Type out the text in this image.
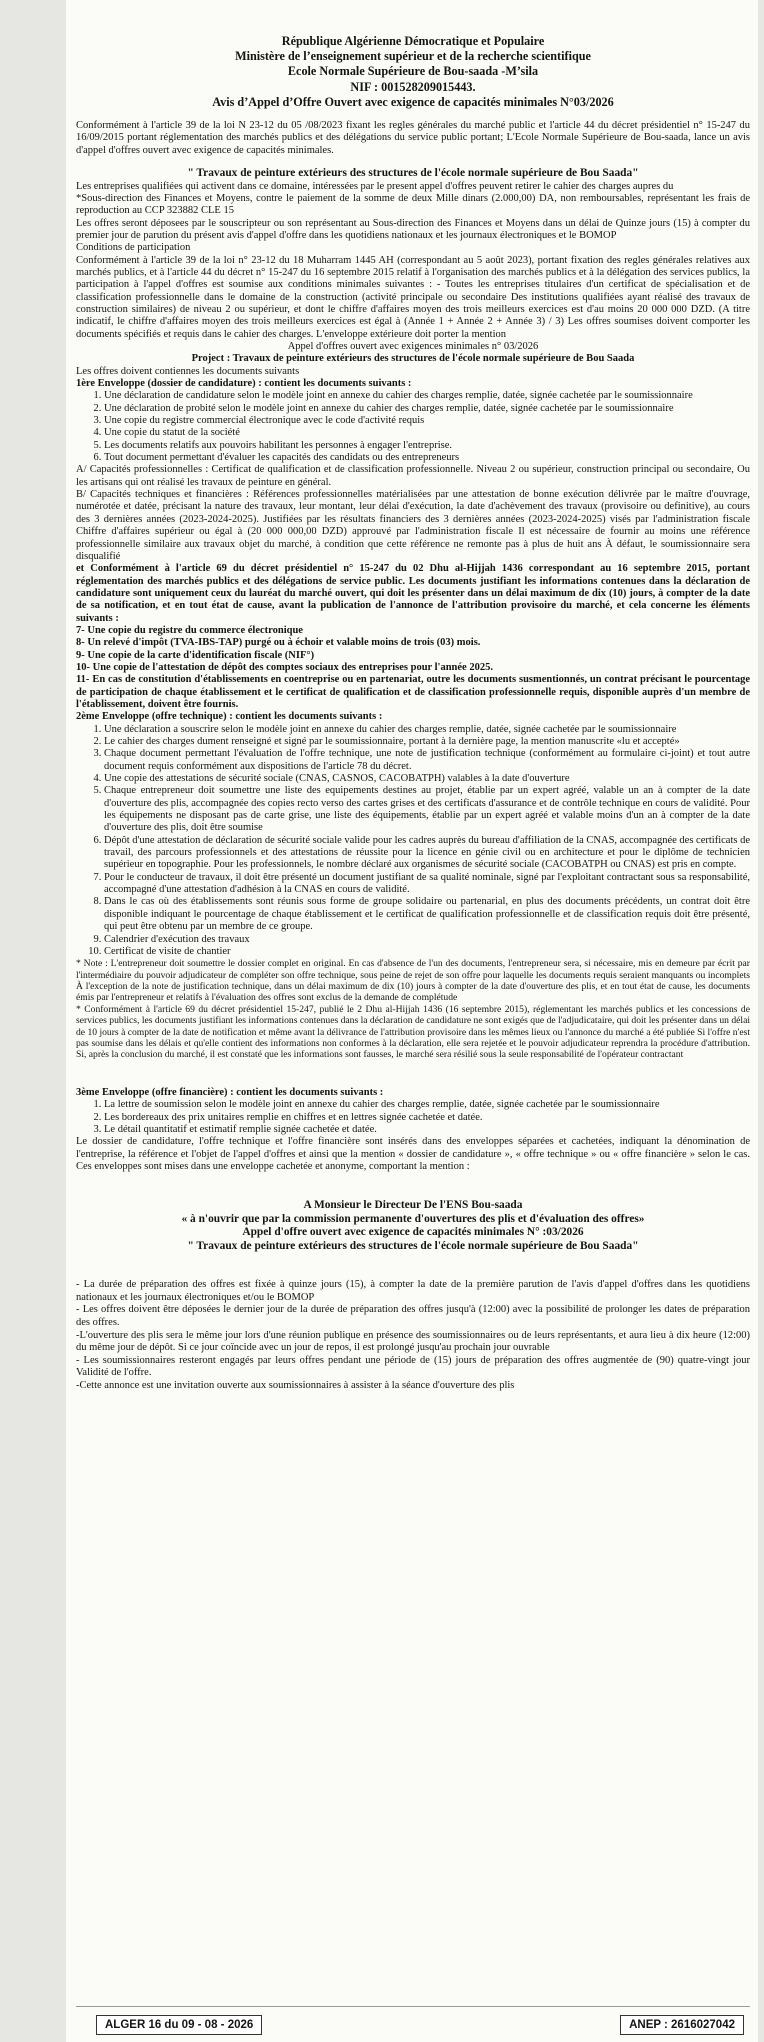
République Algérienne Démocratique et Populaire
Ministère de l’enseignement supérieur et de la recherche scientifique
Ecole Normale Supérieure de Bou-saada -M’sila
NIF : 001528209015443.
Avis d’Appel d’Offre Ouvert avec exigence de capacités minimales N°03/2026

Conformément à l'article 39 de la loi N 23-12 du 05 /08/2023 fixant les regles générales du marché public et l'article 44 du décret présidentiel n° 15-247 du 16/09/2015 portant réglementation des marchés publics et des délégations du service public portant; L'Ecole Normale Supérieure de Bou-saada, lance un avis d'appel d'offres ouvert avec exigence de capacités minimales.

" Travaux de peinture extérieurs des structures de l'école normale supérieure de Bou Saada"

Les entreprises qualifiées qui activent dans ce domaine, intéressées par le present appel d'offres peuvent retirer le cahier des charges aupres du

*Sous-direction des Finances et Moyens, contre le paiement de la somme de deux Mille dinars (2.000,00) DA, non remboursables, représentant les frais de reproduction au CCP 323882 CLE 15

Les offres seront déposees par le souscripteur ou son représentant au Sous-direction des Finances et Moyens dans un délai de Quinze jours (15) à compter du premier jour de parution du présent avis d'appel d'offre dans les quotidiens nationaux et les journaux électroniques et le BOMOP

Conditions de participation

Conformément à l'article 39 de la loi n° 23-12 du 18 Muharram 1445 AH (correspondant au 5 août 2023), portant fixation des regles générales relatives aux marchés publics, et à l'article 44 du décret n° 15-247 du 16 septembre 2015 relatif à l'organisation des marchés publics et à la délégation des services publics, la participation à l'appel d'offres est soumise aux conditions minimales suivantes : - Toutes les entreprises titulaires d'un certificat de spécialisation et de classification professionnelle dans le domaine de la construction (activité principale ou secondaire Des institutions qualifiées ayant réalisé des travaux de construction similaires) de niveau 2 ou supérieur, et dont le chiffre d'affaires moyen des trois meilleurs exercices est d'au moins 20 000 000 DZD. (A titre indicatif, le chiffre d'affaires moyen des trois meilleurs exercices est égal à (Année 1 + Année 2 + Année 3) / 3) Les offres soumises doivent comporter les documents spécifiés et requis dans le cahier des charges. L'enveloppe extérieure doit porter la mention

Appel d'offres ouvert avec exigences minimales n° 03/2026

Project : Travaux de peinture extérieurs des structures de l'école normale supérieure de Bou Saada

Les offres doivent contiennes les documents suivants

1ère Enveloppe (dossier de candidature) : contient les documents suivants :

1. Une déclaration de candidature selon le modèle joint en annexe du cahier des charges remplie, datée, signée cachetée par le soumissionnaire
2. Une déclaration de probité selon le modèle joint en annexe du cahier des charges remplie, datée, signée cachetée par le soumissionnaire
3. Une copie du registre commercial électronique avec le code d'activité requis
4. Une copie du statut de la société
5. Les documents relatifs aux pouvoirs habilitant les personnes à engager l'entreprise.
6. Tout document permettant d'évaluer les capacités des candidats ou des entrepreneurs

A/ Capacités professionnelles : Certificat de qualification et de classification professionnelle. Niveau 2 ou supérieur, construction principal ou secondaire, Ou les artisans qui ont réalisé les travaux de peinture en général.

B/ Capacités techniques et financières : Références professionnelles matérialisées par une attestation de bonne exécution délivrée par le maître d'ouvrage, numérotée et datée, précisant la nature des travaux, leur montant, leur délai d'exécution, la date d'achèvement des travaux (provisoire ou definitive), au cours des 3 dernières années (2023-2024-2025). Justifiées par les résultats financiers des 3 dernières années (2023-2024-2025) visés par l'administration fiscale Chiffre d'affaires supérieur ou égal à (20 000 000,00 DZD) approuvé par l'administration fiscale Il est nécessaire de fournir au moins une référence professionnelle similaire aux travaux objet du marché, à condition que cette référence ne remonte pas à plus de huit ans À défaut, le soumissionnaire sera disqualifié

et Conformément à l'article 69 du décret présidentiel n° 15-247 du 02 Dhu al-Hijjah 1436 correspondant au 16 septembre 2015, portant réglementation des marchés publics et des délégations de service public. Les documents justifiant les informations contenues dans la déclaration de candidature sont uniquement ceux du lauréat du marché ouvert, qui doit les présenter dans un délai maximum de dix (10) jours, à compter de la date de sa notification, et en tout état de cause, avant la publication de l'annonce de l'attribution provisoire du marché, et cela concerne les éléments suivants :

7- Une copie du registre du commerce électronique

8- Un relevé d'impôt (TVA-IBS-TAP) purgé ou à échoir et valable moins de trois (03) mois.

9- Une copie de la carte d'identification fiscale (NIF°)

10- Une copie de l'attestation de dépôt des comptes sociaux des entreprises pour l'année 2025.

11- En cas de constitution d'établissements en coentreprise ou en partenariat, outre les documents susmentionnés, un contrat précisant le pourcentage de participation de chaque établissement et le certificat de qualification et de classification professionnelle requis, disponible auprès d'un membre de l'établissement, doivent être fournis.

2ème Enveloppe (offre technique) : contient les documents suivants :

1. Une déclaration a souscrire selon le modèle joint en annexe du cahier des charges remplie, datée, signée cachetée par le soumissionnaire
2. Le cahier des charges dument renseigné et signé par le soumissionnaire, portant à la dernière page, la mention manuscrite «lu et accepté»
3. Chaque document permettant l'évaluation de l'offre technique, une note de justification technique (conformément au formulaire ci-joint) et tout autre document requis conformément aux dispositions de l'article 78 du décret.
4. Une copie des attestations de sécurité sociale (CNAS, CASNOS, CACOBATPH) valables à la date d'ouverture
5. Chaque entrepreneur doit soumettre une liste des equipements destines au projet, établie par un expert agréé, valable un an à compter de la date d'ouverture des plis, accompagnée des copies recto verso des cartes grises et des certificats d'assurance et de contrôle technique en cours de validité. Pour les équipements ne disposant pas de carte grise, une liste des équipements, établie par un expert agréé et valable moins d'un an à compter de la date d'ouverture des plis, doit être soumise
6. Dépôt d'une attestation de déclaration de sécurité sociale valide pour les cadres auprès du bureau d'affiliation de la CNAS, accompagnée des certificats de travail, des parcours professionnels et des attestations de réussite pour la licence en génie civil ou en architecture et pour le diplôme de technicien supérieur en topographie. Pour les professionnels, le nombre déclaré aux organismes de sécurité sociale (CACOBATPH ou CNAS) est pris en compte.
7. Pour le conducteur de travaux, il doit être présenté un document justifiant de sa qualité nominale, signé par l'exploitant contractant sous sa responsabilité, accompagné d'une attestation d'adhésion à la CNAS en cours de validité.
8. Dans le cas où des établissements sont réunis sous forme de groupe solidaire ou partenarial, en plus des documents précédents, un contrat doit être disponible indiquant le pourcentage de chaque établissement et le certificat de qualification professionnelle et de classification requis doit être présenté, qui peut être obtenu par un membre de ce groupe.
9. Calendrier d'exécution des travaux
10. Certificat de visite de chantier

* Note : L'entrepreneur doit soumettre le dossier complet en original. En cas d'absence de l'un des documents, l'entrepreneur sera, si nécessaire, mis en demeure par écrit par l'intermédiaire du pouvoir adjudicateur de compléter son offre technique, sous peine de rejet de son offre pour laquelle les documents requis seraient manquants ou incomplets À l'exception de la note de justification technique, dans un délai maximum de dix (10) jours à compter de la date d'ouverture des plis, et en tout état de cause, les documents émis par l'entrepreneur et relatifs à l'évaluation des offres sont exclus de la demande de complétude

* Conformément à l'article 69 du décret présidentiel 15-247, publié le 2 Dhu al-Hijjah 1436 (16 septembre 2015), réglementant les marchés publics et les concessions de services publics, les documents justifiant les informations contenues dans la déclaration de candidature ne sont exigés que de l'adjudicataire, qui doit les présenter dans un délai de 10 jours à compter de la date de notification et même avant la délivrance de l'attribution provisoire dans les mêmes lieux ou l'annonce du marché a été publiée Si l'offre n'est pas soumise dans les délais et qu'elle contient des informations non conformes à la déclaration, elle sera rejetée et le pouvoir adjudicateur reprendra la procédure d'attribution. Si, après la conclusion du marché, il est constaté que les informations sont fausses, le marché sera résilié sous la seule responsabilité de l'opérateur contractant

3ème Enveloppe (offre financière) : contient les documents suivants :

1. La lettre de soumission selon le modèle joint en annexe du cahier des charges remplie, datée, signée cachetée par le soumissionnaire
2. Les bordereaux des prix unitaires remplie en chiffres et en lettres signée cachetée et datée.
3. Le détail quantitatif et estimatif remplie signée cachetée et datée.

Le dossier de candidature, l'offre technique et l'offre financière sont insérés dans des enveloppes séparées et cachetées, indiquant la dénomination de l'entreprise, la référence et l'objet de l'appel d'offres et ainsi que la mention « dossier de candidature », « offre technique » ou « offre financière » selon le cas. Ces enveloppes sont mises dans une enveloppe cachetée et anonyme, comportant la mention :

A Monsieur le Directeur De l'ENS Bou-saada

« à n'ouvrir que par la commission permanente d'ouvertures des plis et d'évaluation des offres»

Appel d'offre ouvert avec exigence de capacités minimales N° :03/2026

" Travaux de peinture extérieurs des structures de l'école normale supérieure de Bou Saada"

- La durée de préparation des offres est fixée à quinze jours (15), à compter la date de la première parution de l'avis d'appel d'offres dans les quotidiens nationaux et les journaux électroniques et/ou le BOMOP

- Les offres doivent être déposées le dernier jour de la durée de préparation des offres jusqu'à (12:00) avec la possibilité de prolonger les dates de préparation des offres.

-L'ouverture des plis sera le même jour lors d'une réunion publique en présence des soumissionnaires ou de leurs représentants, et aura lieu à dix heure (12:00) du même jour de dépôt. Si ce jour coïncide avec un jour de repos, il est prolongé jusqu'au prochain jour ouvrable

- Les soumissionnaires resteront engagés par leurs offres pendant une période de (15) jours de préparation des offres augmentée de (90) quatre-vingt jour Validité de l'offre.

-Cette annonce est une invitation ouverte aux soumissionnaires à assister à la séance d'ouverture des plis

ALGER 16 du 09 - 08 - 2026	ANEP : 2616027042
